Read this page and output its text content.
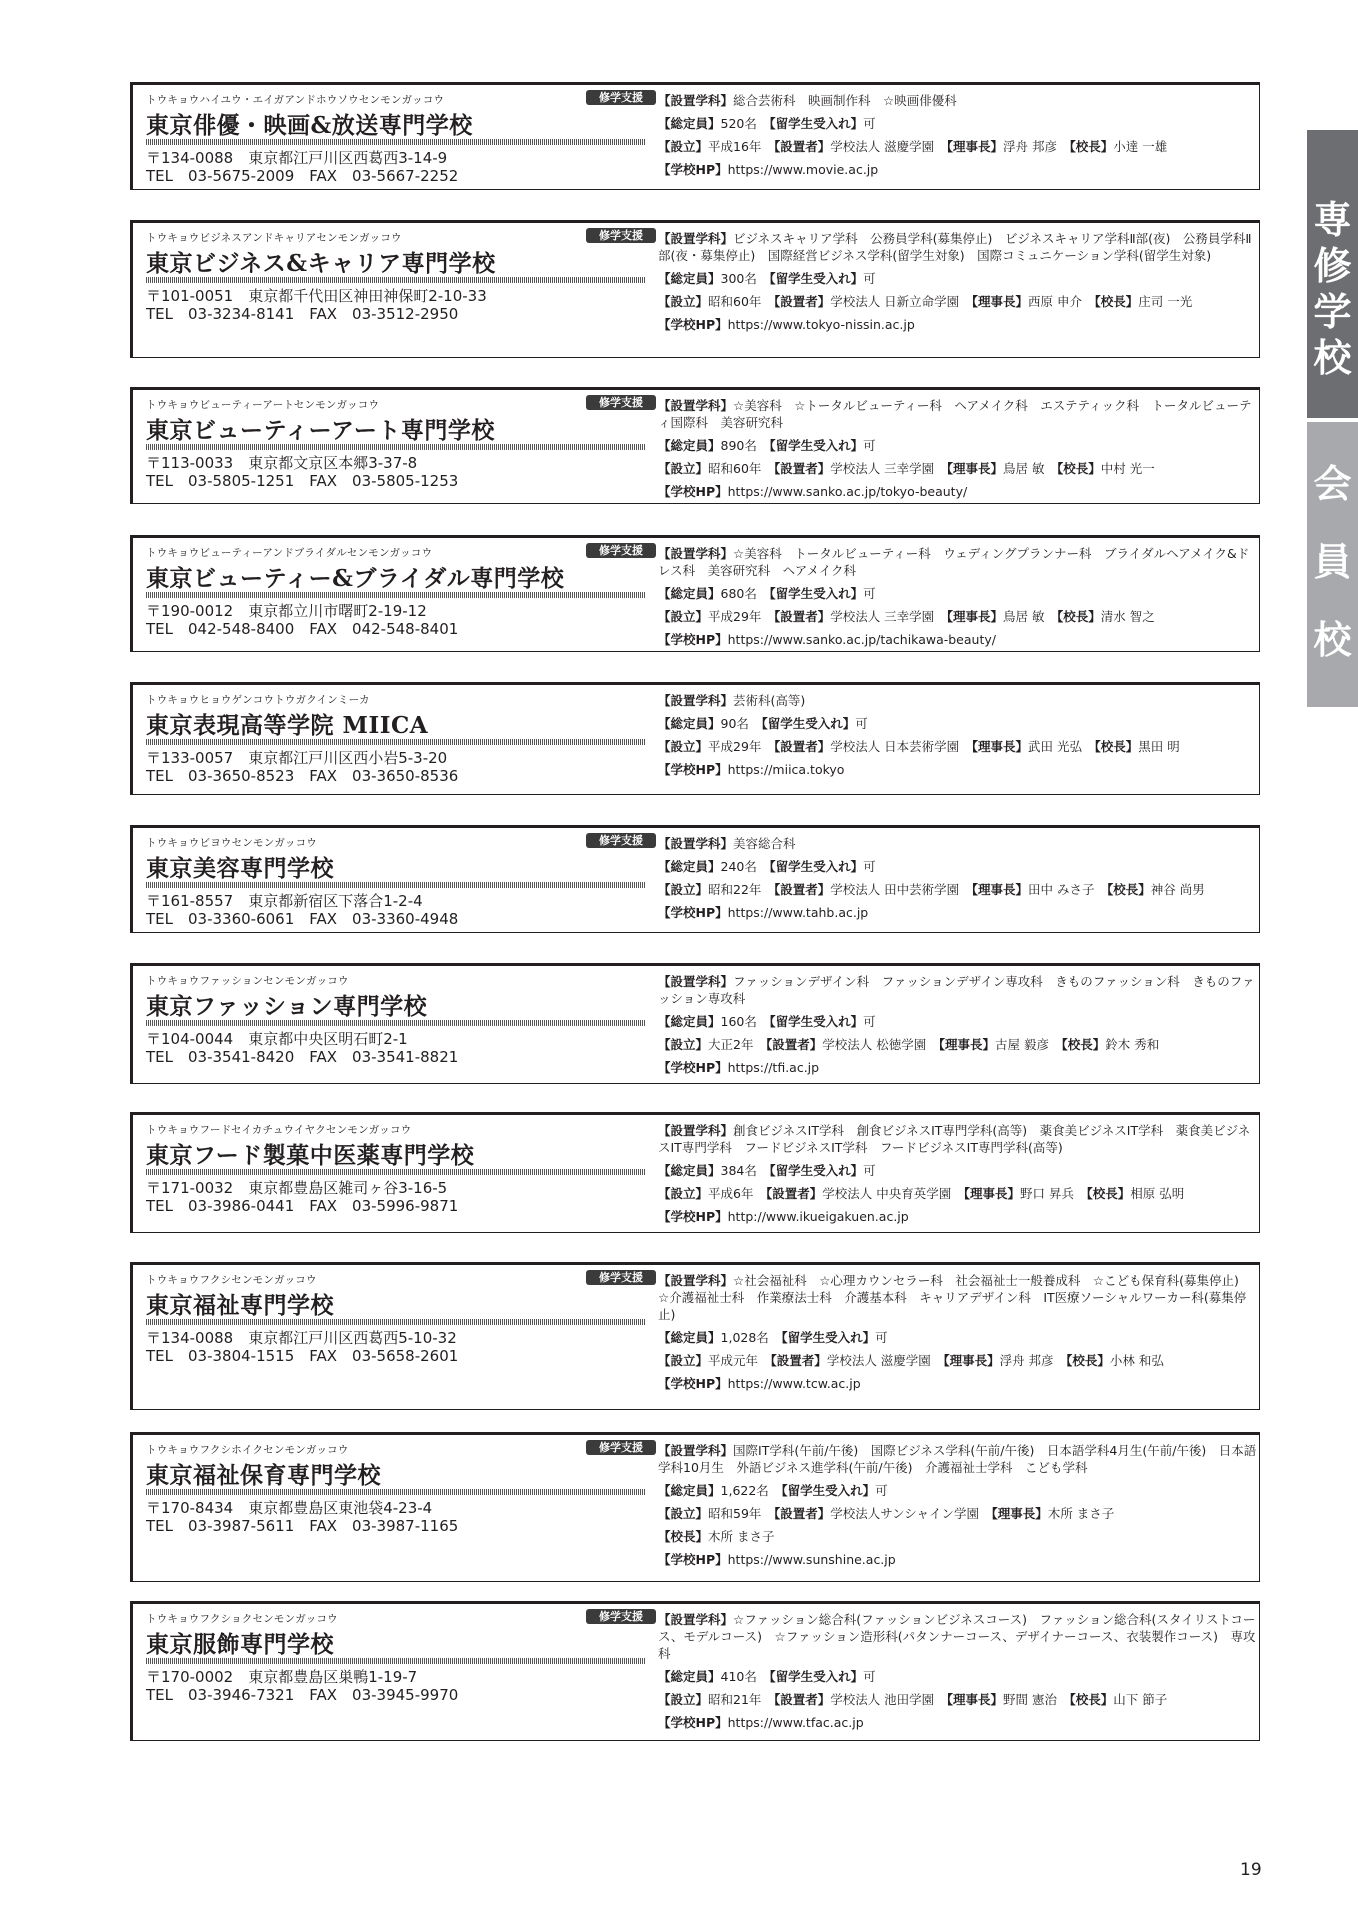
トウキョウハイユウ・エイガアンドホウソウセンモンガッコウ
東京俳優・映画&放送専門学校
〒134-0088　東京都江戸川区西葛西3-14-9
TEL　03-5675-2009　FAX　03-5667-2252
修学支援	【設置学科】総合芸術科　映画制作科　☆映画俳優科
【総定員】520名　 【留学生受入れ】可
【設立】平成16年　 【設置者】学校法人 滋慶学園　 【理事長】浮舟 邦彦　 【校長】小達 一雄
【学校HP】https://www.movie.ac.jp
トウキョウビジネスアンドキャリアセンモンガッコウ
東京ビジネス&キャリア専門学校
〒101-0051　東京都千代田区神田神保町2-10-33
TEL　03-3234-8141　FAX　03-3512-2950
修学支援	【設置学科】ビジネスキャリア学科　公務員学科(募集停止)　ビジネスキャリア学科Ⅱ部(夜)　公務員学科Ⅱ部(夜・募集停止)　国際経営ビジネス学科(留学生対象)　国際コミュニケーション学科(留学生対象)
【総定員】300名　 【留学生受入れ】可
【設立】昭和60年　 【設置者】学校法人 日新立命学園　 【理事長】西原 申介　 【校長】庄司 一光
【学校HP】https://www.tokyo-nissin.ac.jp
トウキョウビューティーアートセンモンガッコウ
東京ビューティーアート専門学校
〒113-0033　東京都文京区本郷3-37-8
TEL　03-5805-1251　FAX　03-5805-1253
修学支援	【設置学科】☆美容科　☆トータルビューティー科　ヘアメイク科　エステティック科　トータルビューティ国際科　美容研究科
【総定員】890名　 【留学生受入れ】可
【設立】昭和60年　 【設置者】学校法人 三幸学園　 【理事長】鳥居 敏　 【校長】中村 光一
【学校HP】https://www.sanko.ac.jp/tokyo-beauty/
トウキョウビューティーアンドブライダルセンモンガッコウ
東京ビューティー&ブライダル専門学校
〒190-0012　東京都立川市曙町2-19-12
TEL　042-548-8400　FAX　042-548-8401
修学支援	【設置学科】☆美容科　トータルビューティー科　ウェディングプランナー科　ブライダルヘアメイク&ドレス科　美容研究科　ヘアメイク科
【総定員】680名　 【留学生受入れ】可
【設立】平成29年　 【設置者】学校法人 三幸学園　 【理事長】鳥居 敏　 【校長】清水 智之
【学校HP】https://www.sanko.ac.jp/tachikawa-beauty/
トウキョウヒョウゲンコウトウガクインミーカ
東京表現高等学院 MIICA
〒133-0057　東京都江戸川区西小岩5-3-20
TEL　03-3650-8523　FAX　03-3650-8536
【設置学科】芸術科(高等)
【総定員】90名　 【留学生受入れ】可
【設立】平成29年　 【設置者】学校法人 日本芸術学園　 【理事長】武田 光弘　 【校長】黒田 明
【学校HP】https://miica.tokyo
トウキョウビヨウセンモンガッコウ
東京美容専門学校
〒161-8557　東京都新宿区下落合1-2-4
TEL　03-3360-6061　FAX　03-3360-4948
修学支援	【設置学科】美容総合科
【総定員】240名　 【留学生受入れ】可
【設立】昭和22年　 【設置者】学校法人 田中芸術学園　 【理事長】田中 みさ子　 【校長】神谷 尚男
【学校HP】https://www.tahb.ac.jp
トウキョウファッションセンモンガッコウ
東京ファッション専門学校
〒104-0044　東京都中央区明石町2-1
TEL　03-3541-8420　FAX　03-3541-8821
【設置学科】ファッションデザイン科　ファッションデザイン専攻科　きものファッション科　きものファッション専攻科
【総定員】160名　 【留学生受入れ】可
【設立】大正2年　 【設置者】学校法人 松徳学園　 【理事長】古屋 毅彦　 【校長】鈴木 秀和
【学校HP】https://tfi.ac.jp
トウキョウフードセイカチュウイヤクセンモンガッコウ
東京フード製菓中医薬専門学校
〒171-0032　東京都豊島区雑司ヶ谷3-16-5
TEL　03-3986-0441　FAX　03-5996-9871
【設置学科】創食ビジネスIT学科　創食ビジネスIT専門学科(高等)　薬食美ビジネスIT学科　薬食美ビジネスIT専門学科　フードビジネスIT学科　フードビジネスIT専門学科(高等)
【総定員】384名　 【留学生受入れ】可
【設立】平成6年　 【設置者】学校法人 中央育英学園　 【理事長】野口 昇兵　 【校長】相原 弘明
【学校HP】http://www.ikueigakuen.ac.jp
トウキョウフクシセンモンガッコウ
東京福祉専門学校
〒134-0088　東京都江戸川区西葛西5-10-32
TEL　03-3804-1515　FAX　03-5658-2601
修学支援	【設置学科】☆社会福祉科　☆心理カウンセラー科　社会福祉士一般養成科　☆こども保育科(募集停止)　☆介護福祉士科　作業療法士科　介護基本科　キャリアデザイン科　IT医療ソーシャルワーカー科(募集停止)
【総定員】1,028名　 【留学生受入れ】可
【設立】平成元年　 【設置者】学校法人 滋慶学園　 【理事長】浮舟 邦彦　 【校長】小林 和弘
【学校HP】https://www.tcw.ac.jp
トウキョウフクシホイクセンモンガッコウ
東京福祉保育専門学校
〒170-8434　東京都豊島区東池袋4-23-4
TEL　03-3987-5611　FAX　03-3987-1165
修学支援	【設置学科】国際IT学科(午前/午後)　国際ビジネス学科(午前/午後)　日本語学科4月生(午前/午後)　日本語学科10月生　外語ビジネス進学科(午前/午後)　介護福祉士学科　こども学科
【総定員】1,622名　 【留学生受入れ】可
【設立】昭和59年　 【設置者】学校法人サンシャイン学園　 【理事長】木所 まさ子
【校長】木所 まさ子
【学校HP】https://www.sunshine.ac.jp
トウキョウフクショクセンモンガッコウ
東京服飾専門学校
〒170-0002　東京都豊島区巣鴨1-19-7
TEL　03-3946-7321　FAX　03-3945-9970
修学支援	【設置学科】☆ファッション総合科(ファッションビジネスコース)　ファッション総合科(スタイリストコース、モデルコース)　☆ファッション造形科(パタンナーコース、デザイナーコース、衣装製作コース)　専攻科
【総定員】410名　 【留学生受入れ】可
【設立】昭和21年　 【設置者】学校法人 池田学園　 【理事長】野間 憲治　 【校長】山下 節子
【学校HP】https://www.tfac.ac.jp
専
修
学
校
会
員
校
19
